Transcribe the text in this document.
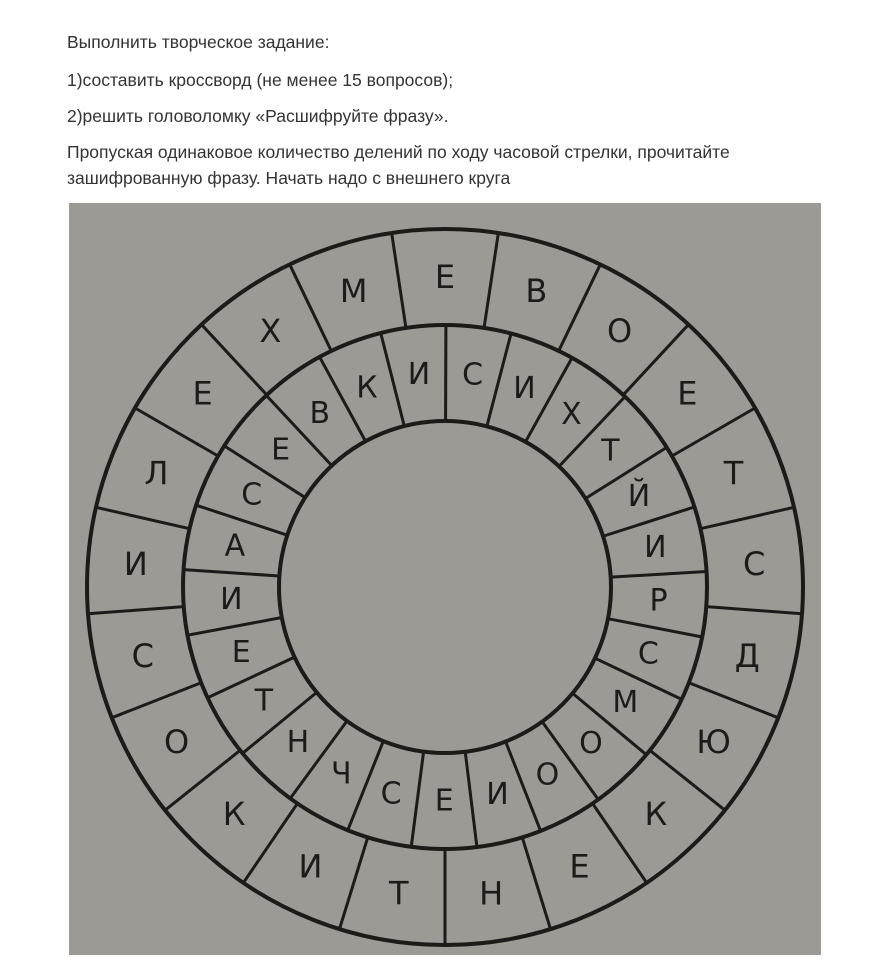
Выполнить творческое задание:
1)составить кроссворд (не менее 15 вопросов);
2)решить головоломку «Расшифруйте фразу».
Пропуская одинаковое количество делений по ходу часовой стрелки, прочитайте
зашифрованную фразу. Начать надо с внешнего круга
Е В
О
Е
Т
С
Д
Ю
К
Е
Н
Т
И
К
О
С
И
Л
Е
Х
М
И С И
Х
Т
Й
И
Р
С
М
О
О
И
Е
С
Ч
Н
Т
Е
И
А
С
Е
В
К
